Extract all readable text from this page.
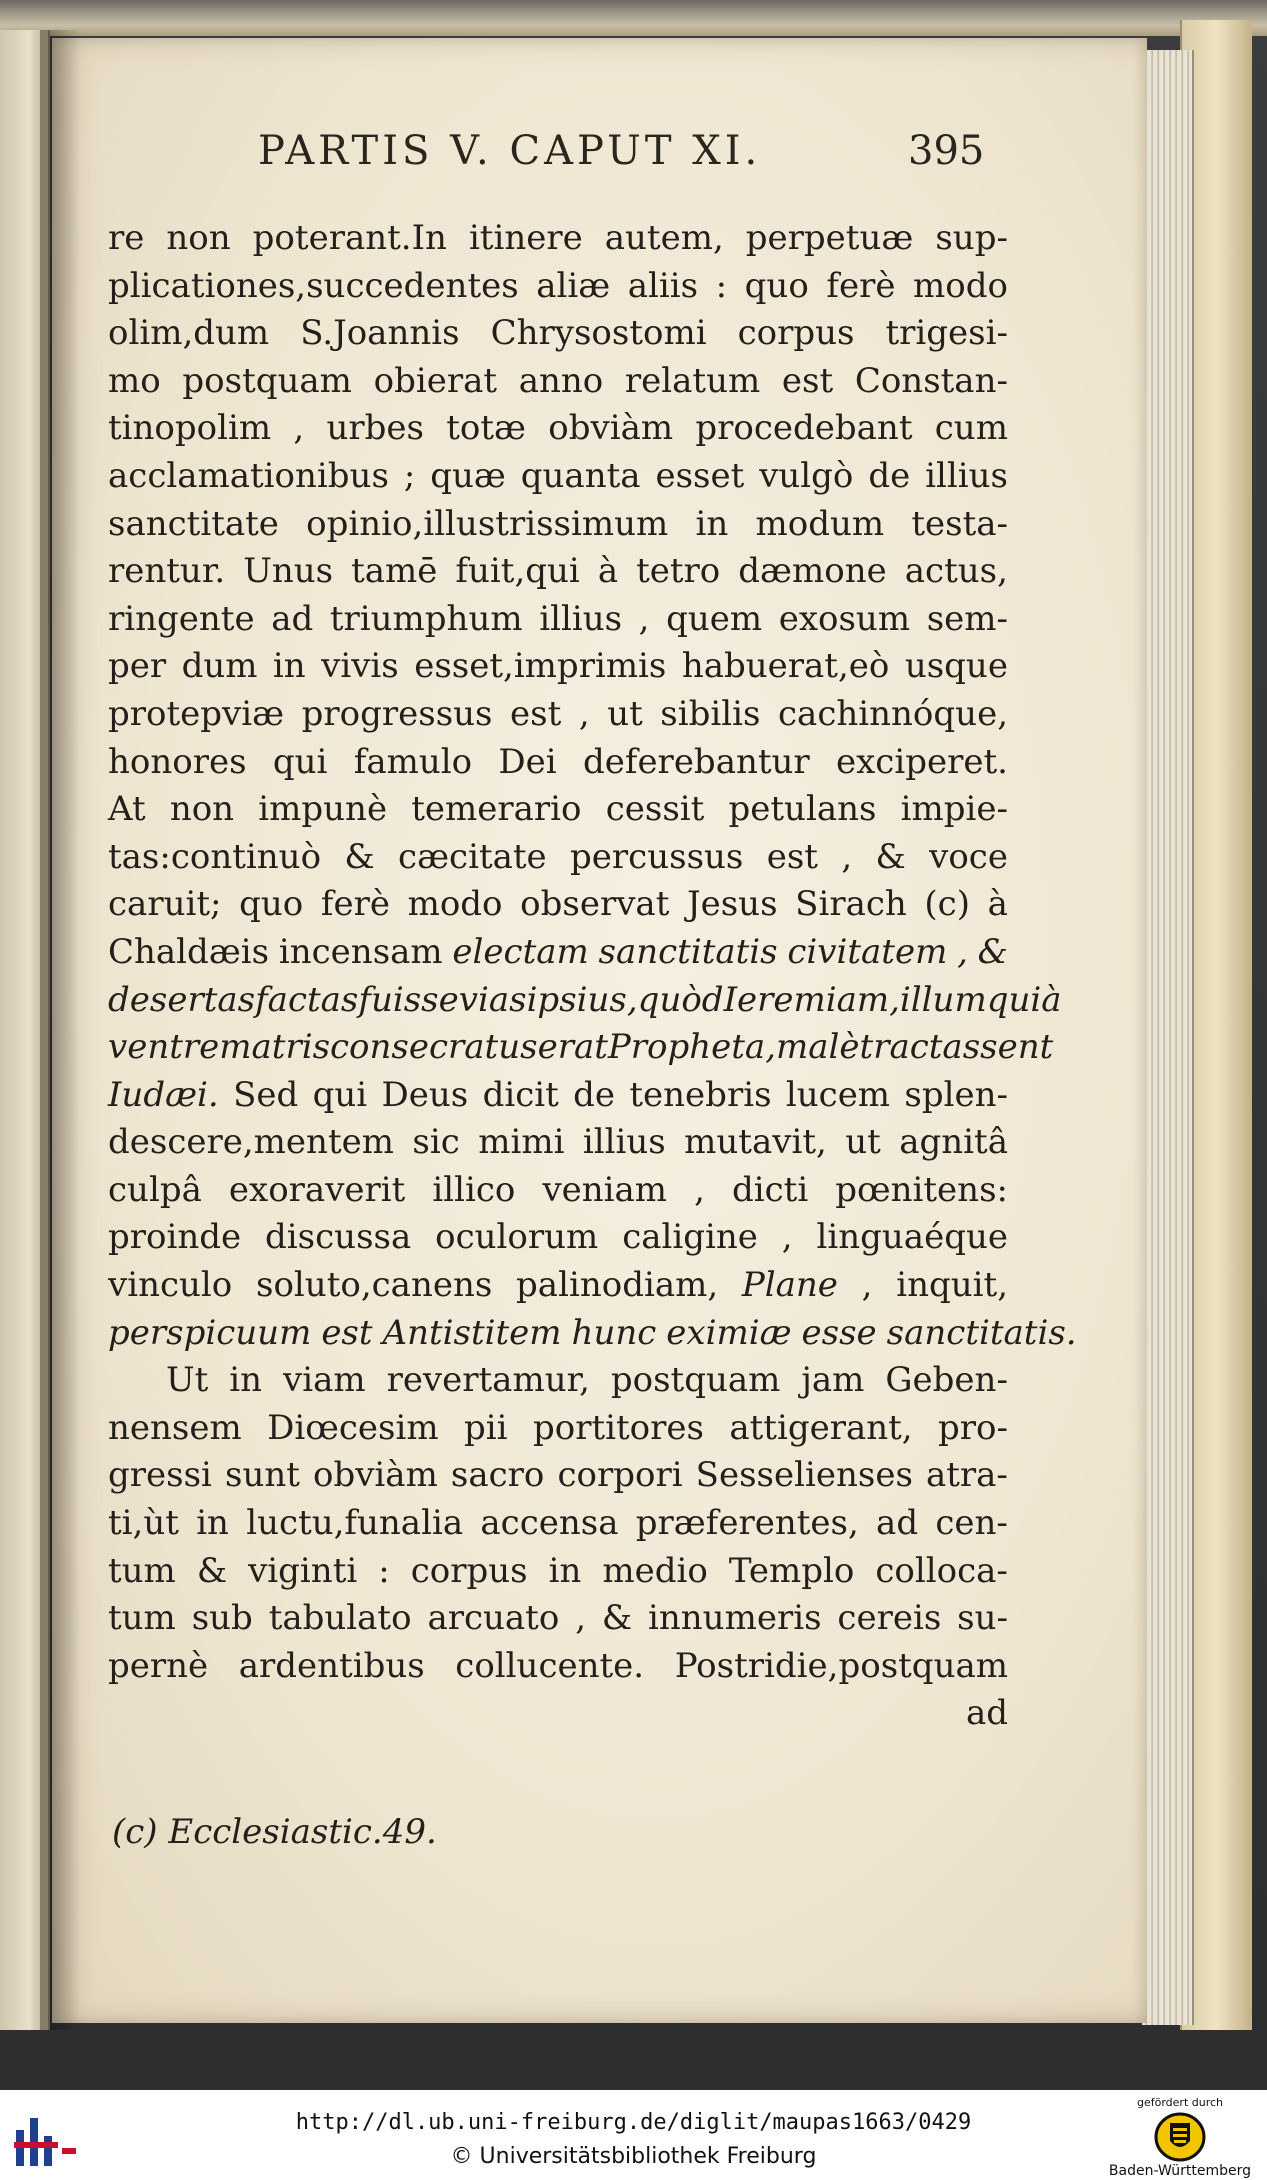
PARTIS V. CAPUT XI.	395
re non poterant.In itinere autem, perpetuæ sup-
plicationes,succedentes aliæ aliis : quo ferè modo
olim,dum S.Joannis Chrysostomi corpus trigesi-
mo postquam obierat anno relatum est Constan-
tinopolim , urbes totæ obviàm procedebant cum
acclamationibus ; quæ quanta esset vulgò de illius
sanctitate opinio,illustrissimum in modum testa-
rentur. Unus tamē fuit,qui à tetro dæmone actus,
ringente ad triumphum illius , quem exosum sem-
per dum in vivis esset,imprimis habuerat,eò usque
protерviæ progressus est , ut sibilis cachinnóque,
honores qui famulo Dei deferebantur exciperet.
At non impunè temerario cessit petulans impie-
tas:continuò & cæcitate percussus est , & voce
caruit; quo ferè modo observat Jesus Sirach (c) à
Chaldæis incensam electam sanctitatis civitatem , &
desertas factas fuisse vias ipsius,quòd Ieremiam,illum qui à
ventre matris consecratus erat Propheta, malè tractassent
Iudæi. Sed qui Deus dicit de tenebris lucem splen-
descere,mentem sic mimi illius mutavit, ut agnitâ
culpâ exoraverit illico veniam , dicti pœnitens:
proinde discussa oculorum caligine , linguaéque
vinculo soluto,canens palinodiam, Plane , inquit,
perspicuum est Antistitem hunc eximiæ esse sanctitatis.
Ut in viam revertamur, postquam jam Geben-
nensem Diœcesim pii portitores attigerant, pro-
gressi sunt obviàm sacro corpori Sesselienses atra-
ti,ùt in luctu,funalia accensa præferentes, ad cen-
tum & viginti : corpus in medio Templo colloca-
tum sub tabulato arcuato , & innumeris cereis su-
pernè ardentibus collucente. Postridie,postquam
ad
(c) Ecclesiastic.49.
http://dl.ub.uni-freiburg.de/diglit/maupas1663/0429
© Universitätsbibliothek Freiburg
gefördert durch
Baden-Württemberg
